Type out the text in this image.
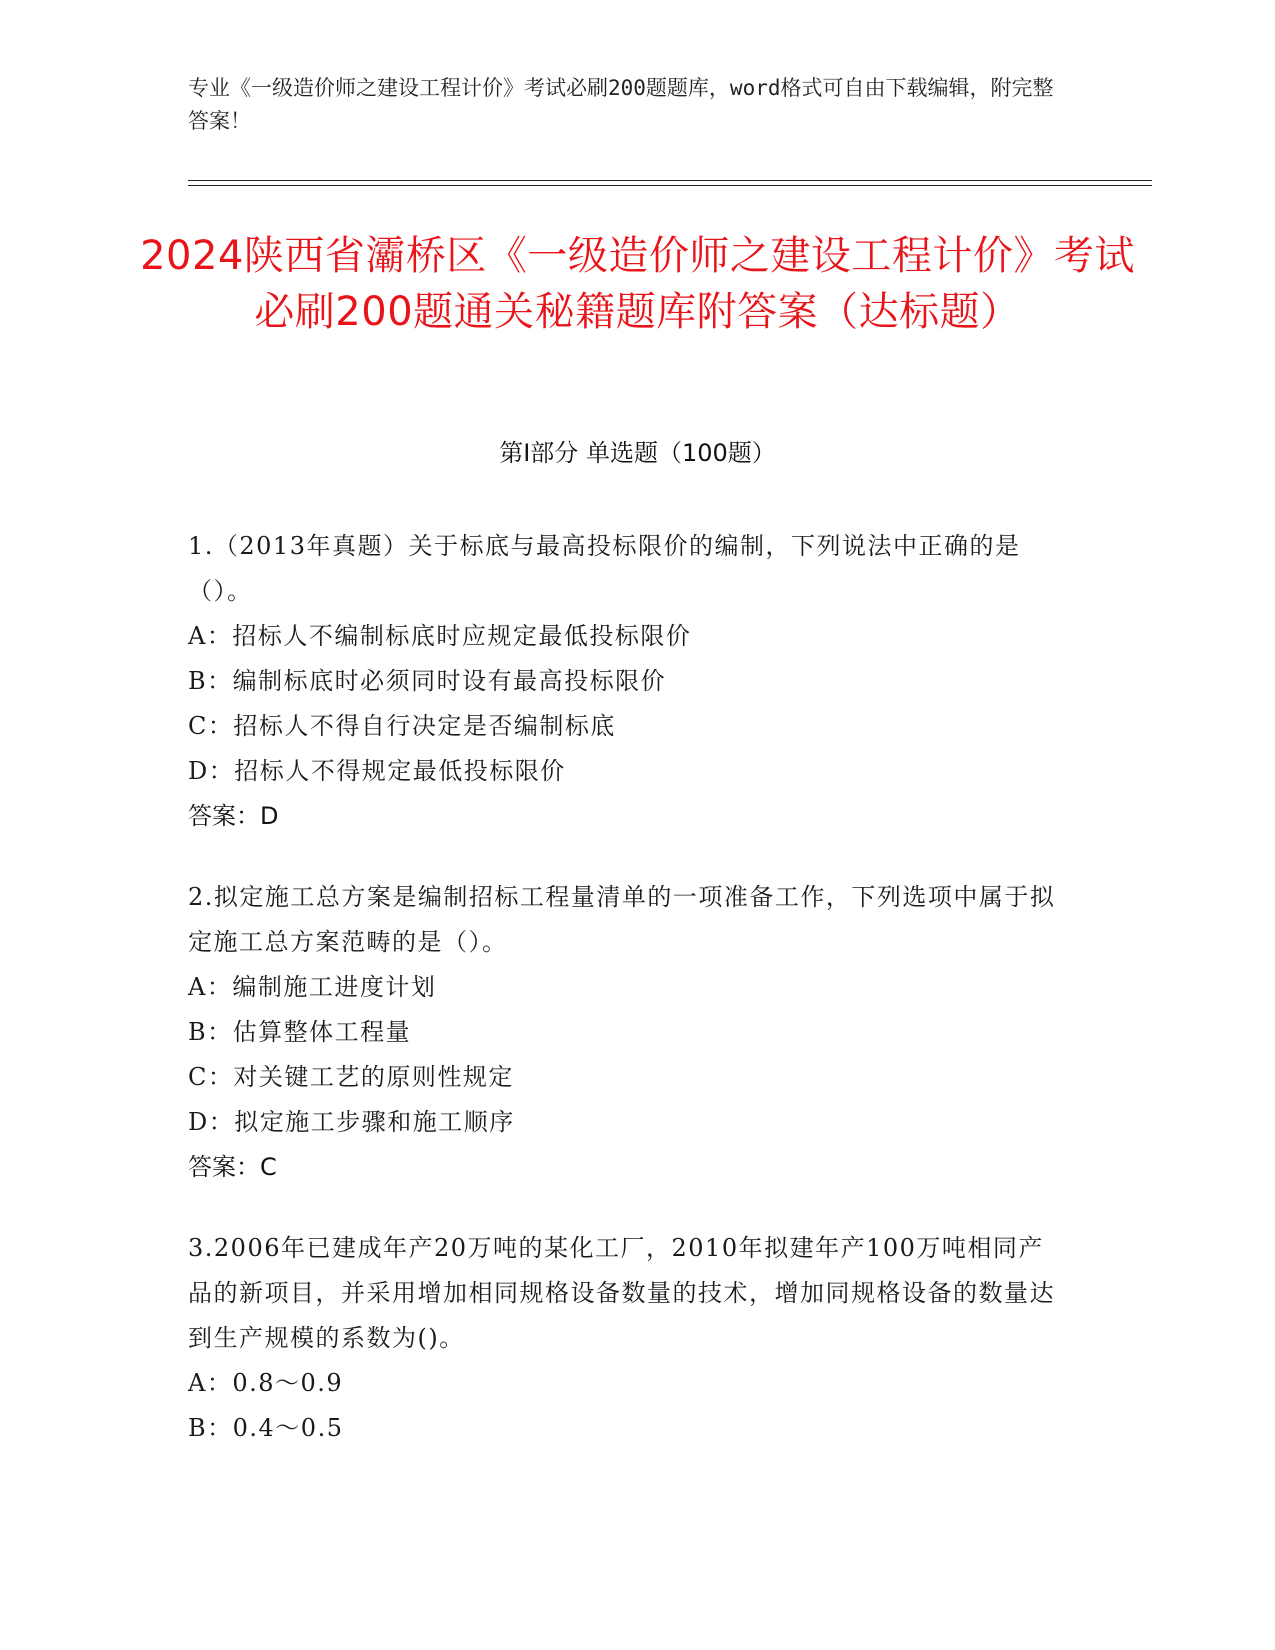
专业《一级造价师之建设工程计价》考试必刷200题题库，word格式可自由下载编辑，附完整答案！
2024陕西省灞桥区《一级造价师之建设工程计价》考试必刷200题通关秘籍题库附答案（达标题）
第Ⅰ部分 单选题（100题）
1.（2013年真题）关于标底与最高投标限价的编制，下列说法中正确的是（）。
A：招标人不编制标底时应规定最低投标限价
B：编制标底时必须同时设有最高投标限价
C：招标人不得自行决定是否编制标底
D：招标人不得规定最低投标限价
答案：D
2.拟定施工总方案是编制招标工程量清单的一项准备工作，下列选项中属于拟定施工总方案范畴的是（）。
A：编制施工进度计划
B：估算整体工程量
C：对关键工艺的原则性规定
D：拟定施工步骤和施工顺序
答案：C
3.2006年已建成年产20万吨的某化工厂，2010年拟建年产100万吨相同产品的新项目，并采用增加相同规格设备数量的技术，增加同规格设备的数量达到生产规模的系数为()。
A：0.8～0.9
B：0.4～0.5
